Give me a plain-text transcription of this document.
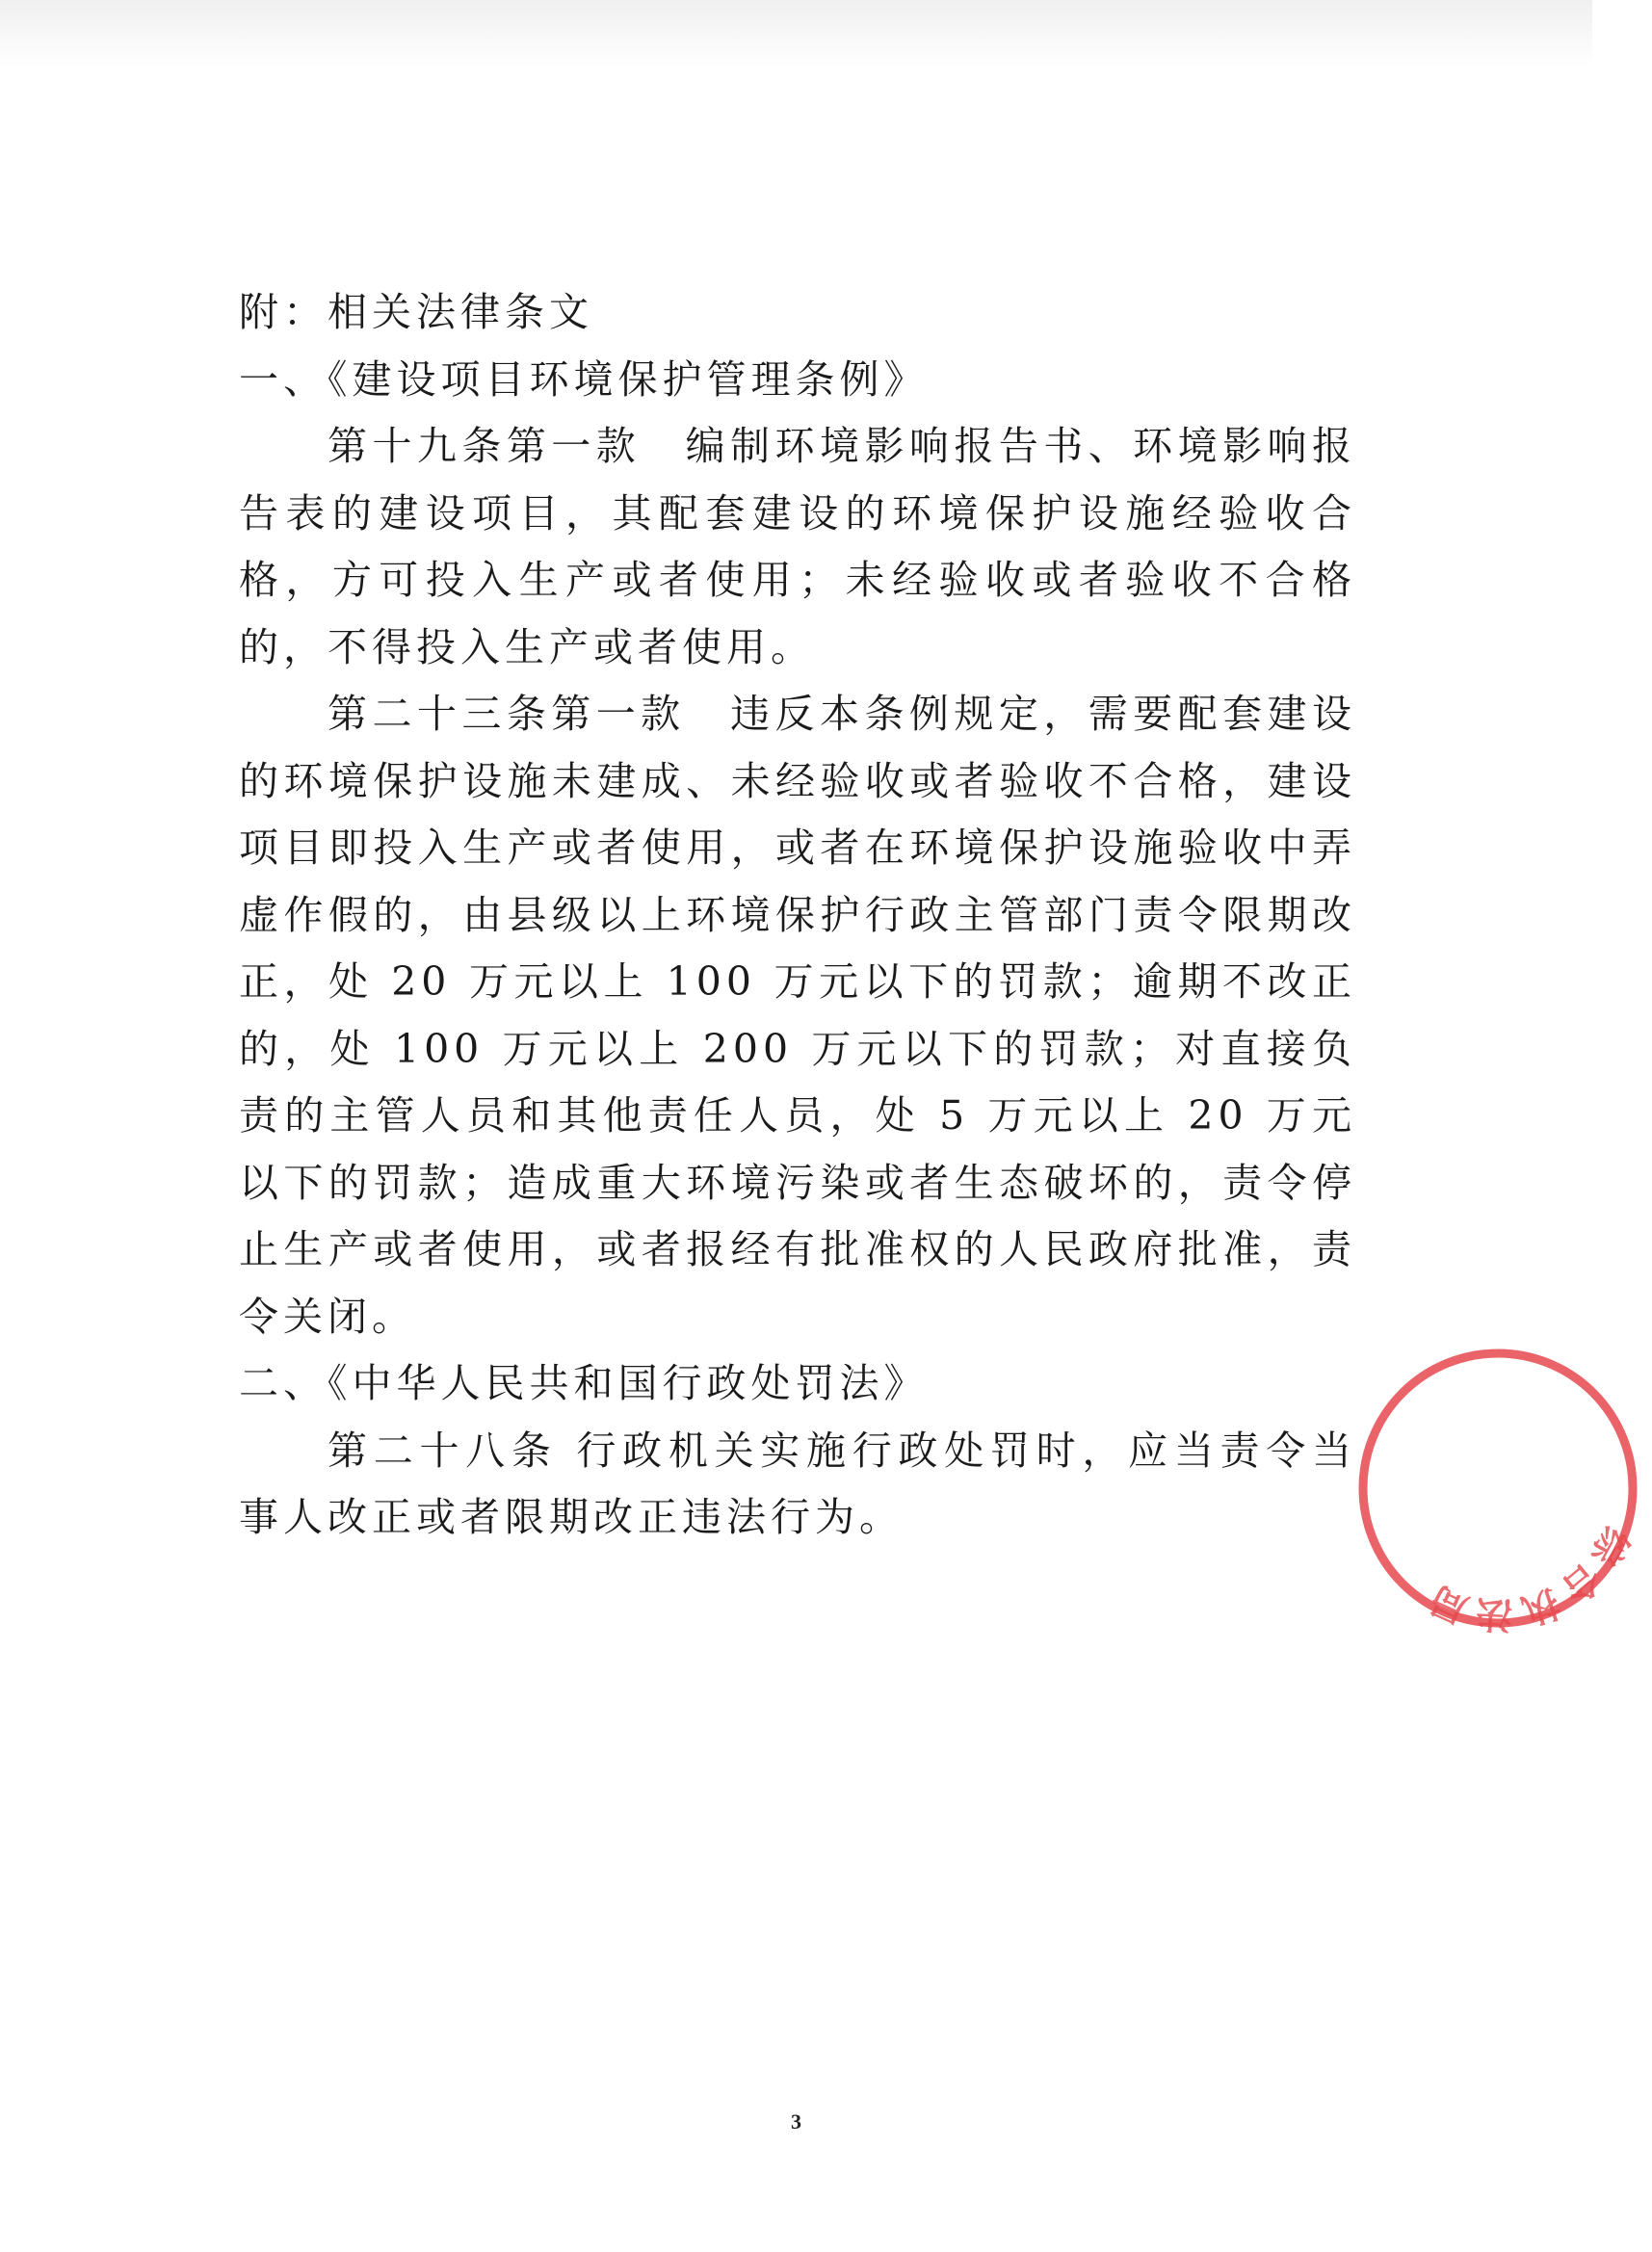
附：相关法律条文
一、《建设项目环境保护管理条例》
第十九条第一款　编制环境影响报告书、环境影响报告表的建设项目，其配套建设的环境保护设施经验收合格，方可投入生产或者使用；未经验收或者验收不合格的，不得投入生产或者使用。
第二十三条第一款　违反本条例规定，需要配套建设的环境保护设施未建成、未经验收或者验收不合格，建设项目即投入生产或者使用，或者在环境保护设施验收中弄虚作假的，由县级以上环境保护行政主管部门责令限期改正，处 20 万元以上 100 万元以下的罚款；逾期不改正的，处 100 万元以上 200 万元以下的罚款；对直接负责的主管人员和其他责任人员，处 5 万元以上 20 万元以下的罚款；造成重大环境污染或者生态破坏的，责令停止生产或者使用，或者报经有批准权的人民政府批准，责令关闭。
二、《中华人民共和国行政处罚法》
第二十八条 行政机关实施行政处罚时，应当责令当事人改正或者限期改正违法行为。
综合执法局
3
